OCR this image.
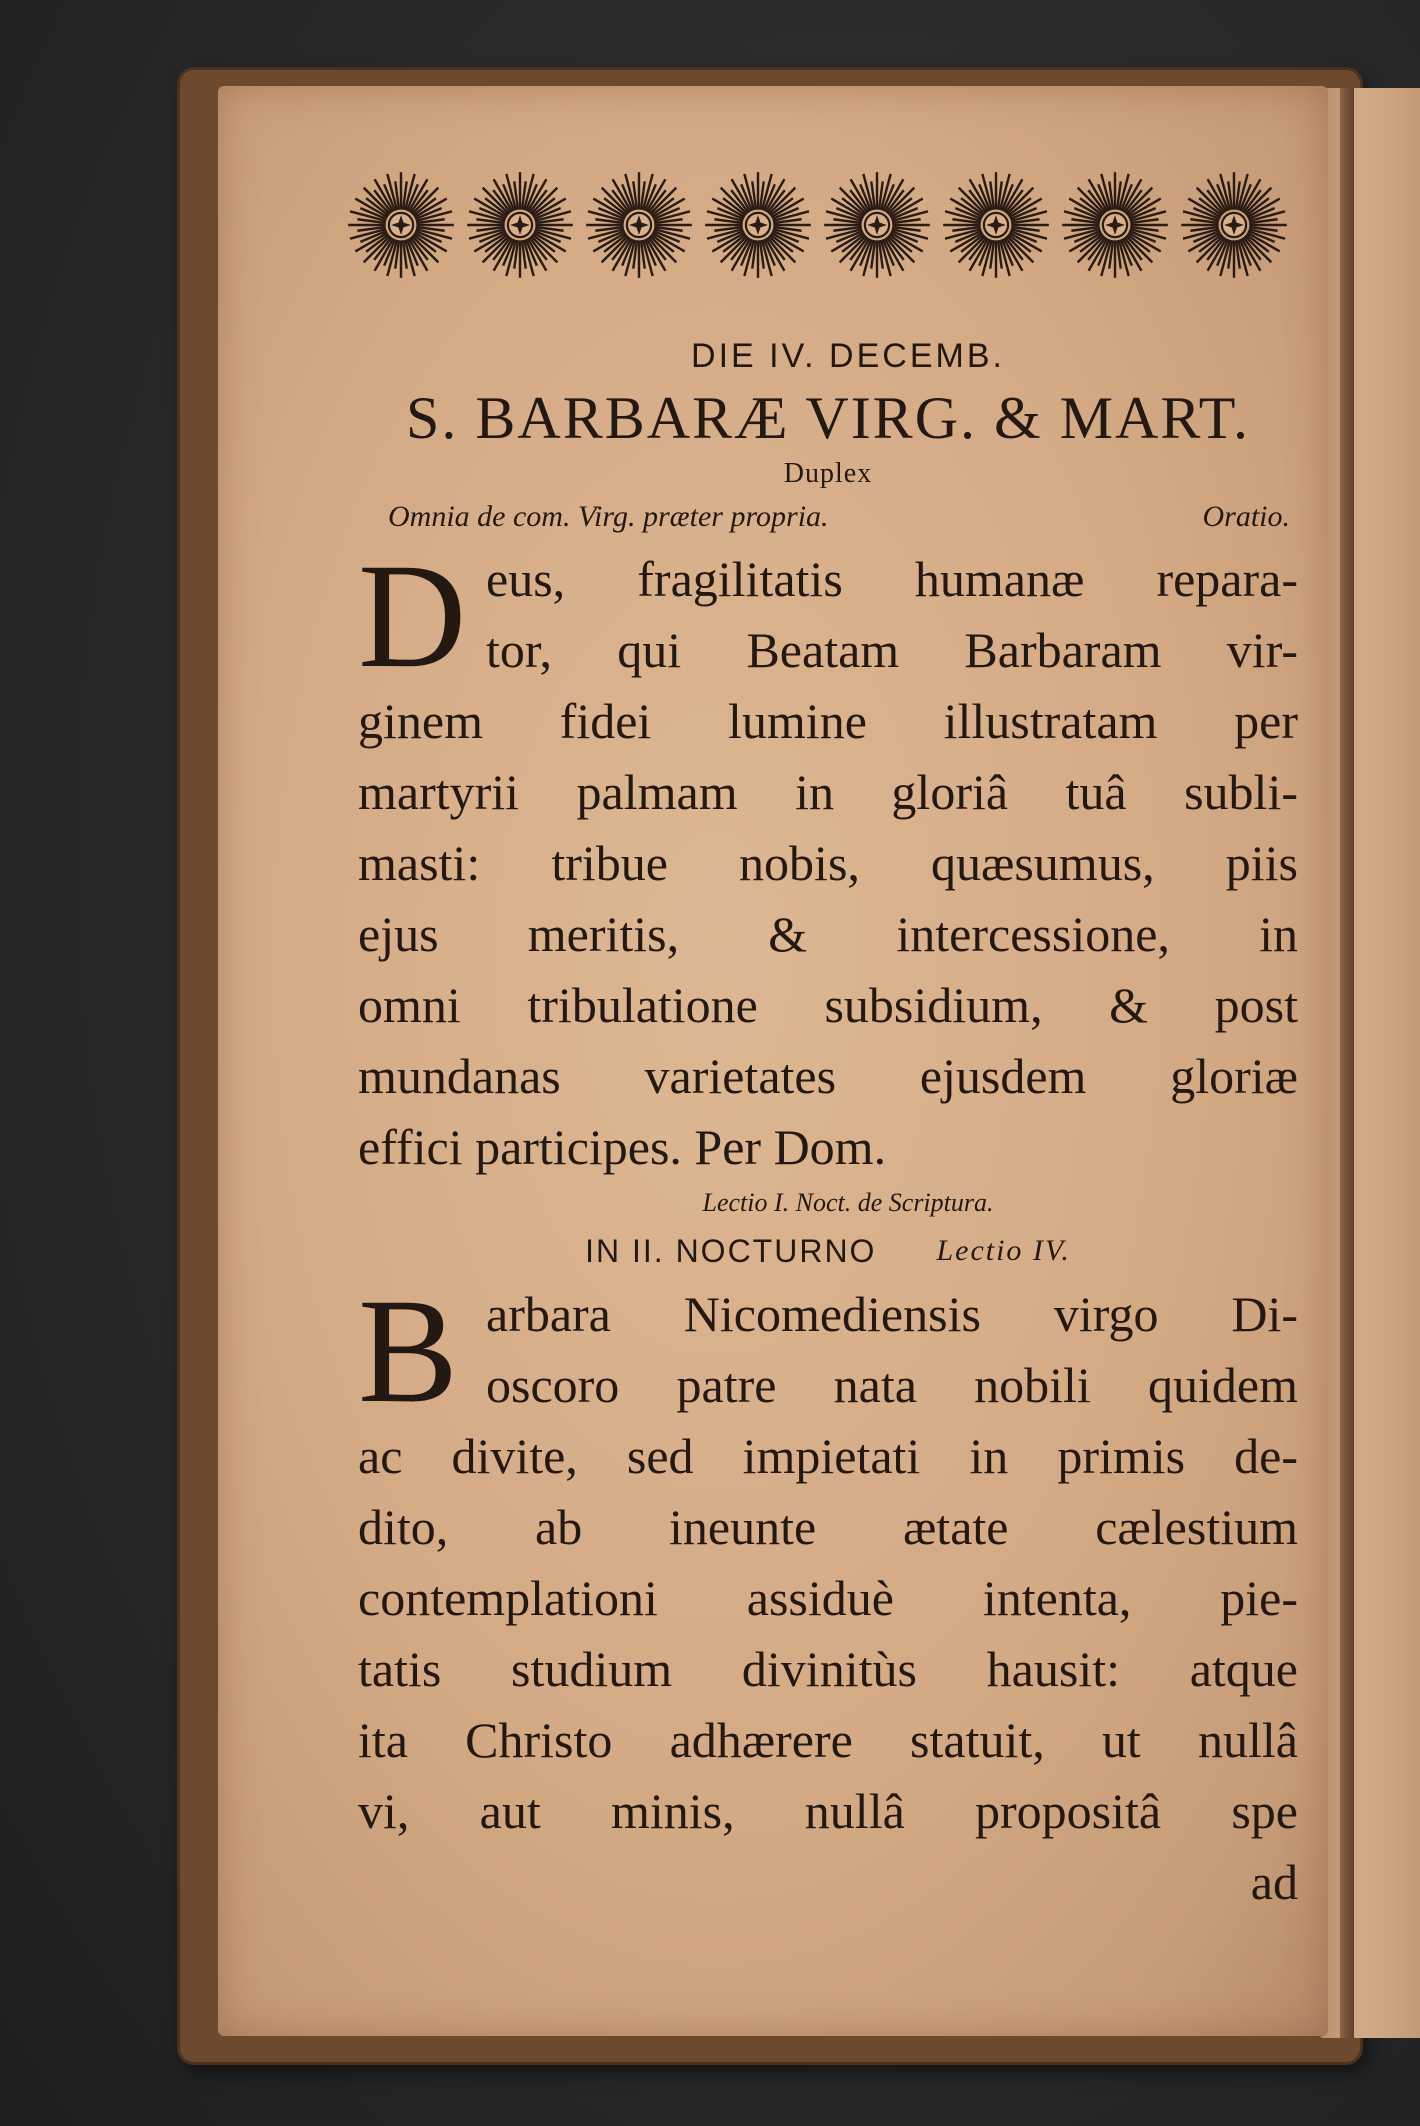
DIE IV. DECEMB.
S. BARBARÆ VIRG. & MART.
Duplex
Omnia de com. Virg. præter propria.	Oratio.
D eus, fragilitatis humanæ repara-
tor, qui Beatam Barbaram vir-
ginem fidei lumine illustratam per
martyrii palmam in gloriâ tuâ subli-
masti: tribue nobis, quæsumus, piis
ejus meritis, & intercessione, in
omni tribulatione subsidium, & post
mundanas varietates ejusdem gloriæ
effici participes. Per Dom.
Lectio I. Noct. de Scriptura.
IN II. NOCTURNO Lectio IV.
B arbara Nicomediensis virgo Di-
oscoro patre nata nobili quidem
ac divite, sed impietati in primis de-
dito, ab ineunte ætate cælestium
contemplationi assiduè intenta, pie-
tatis studium divinitùs hausit: atque
ita Christo adhærere statuit, ut nullâ
vi, aut minis, nullâ propositâ spe
ad
